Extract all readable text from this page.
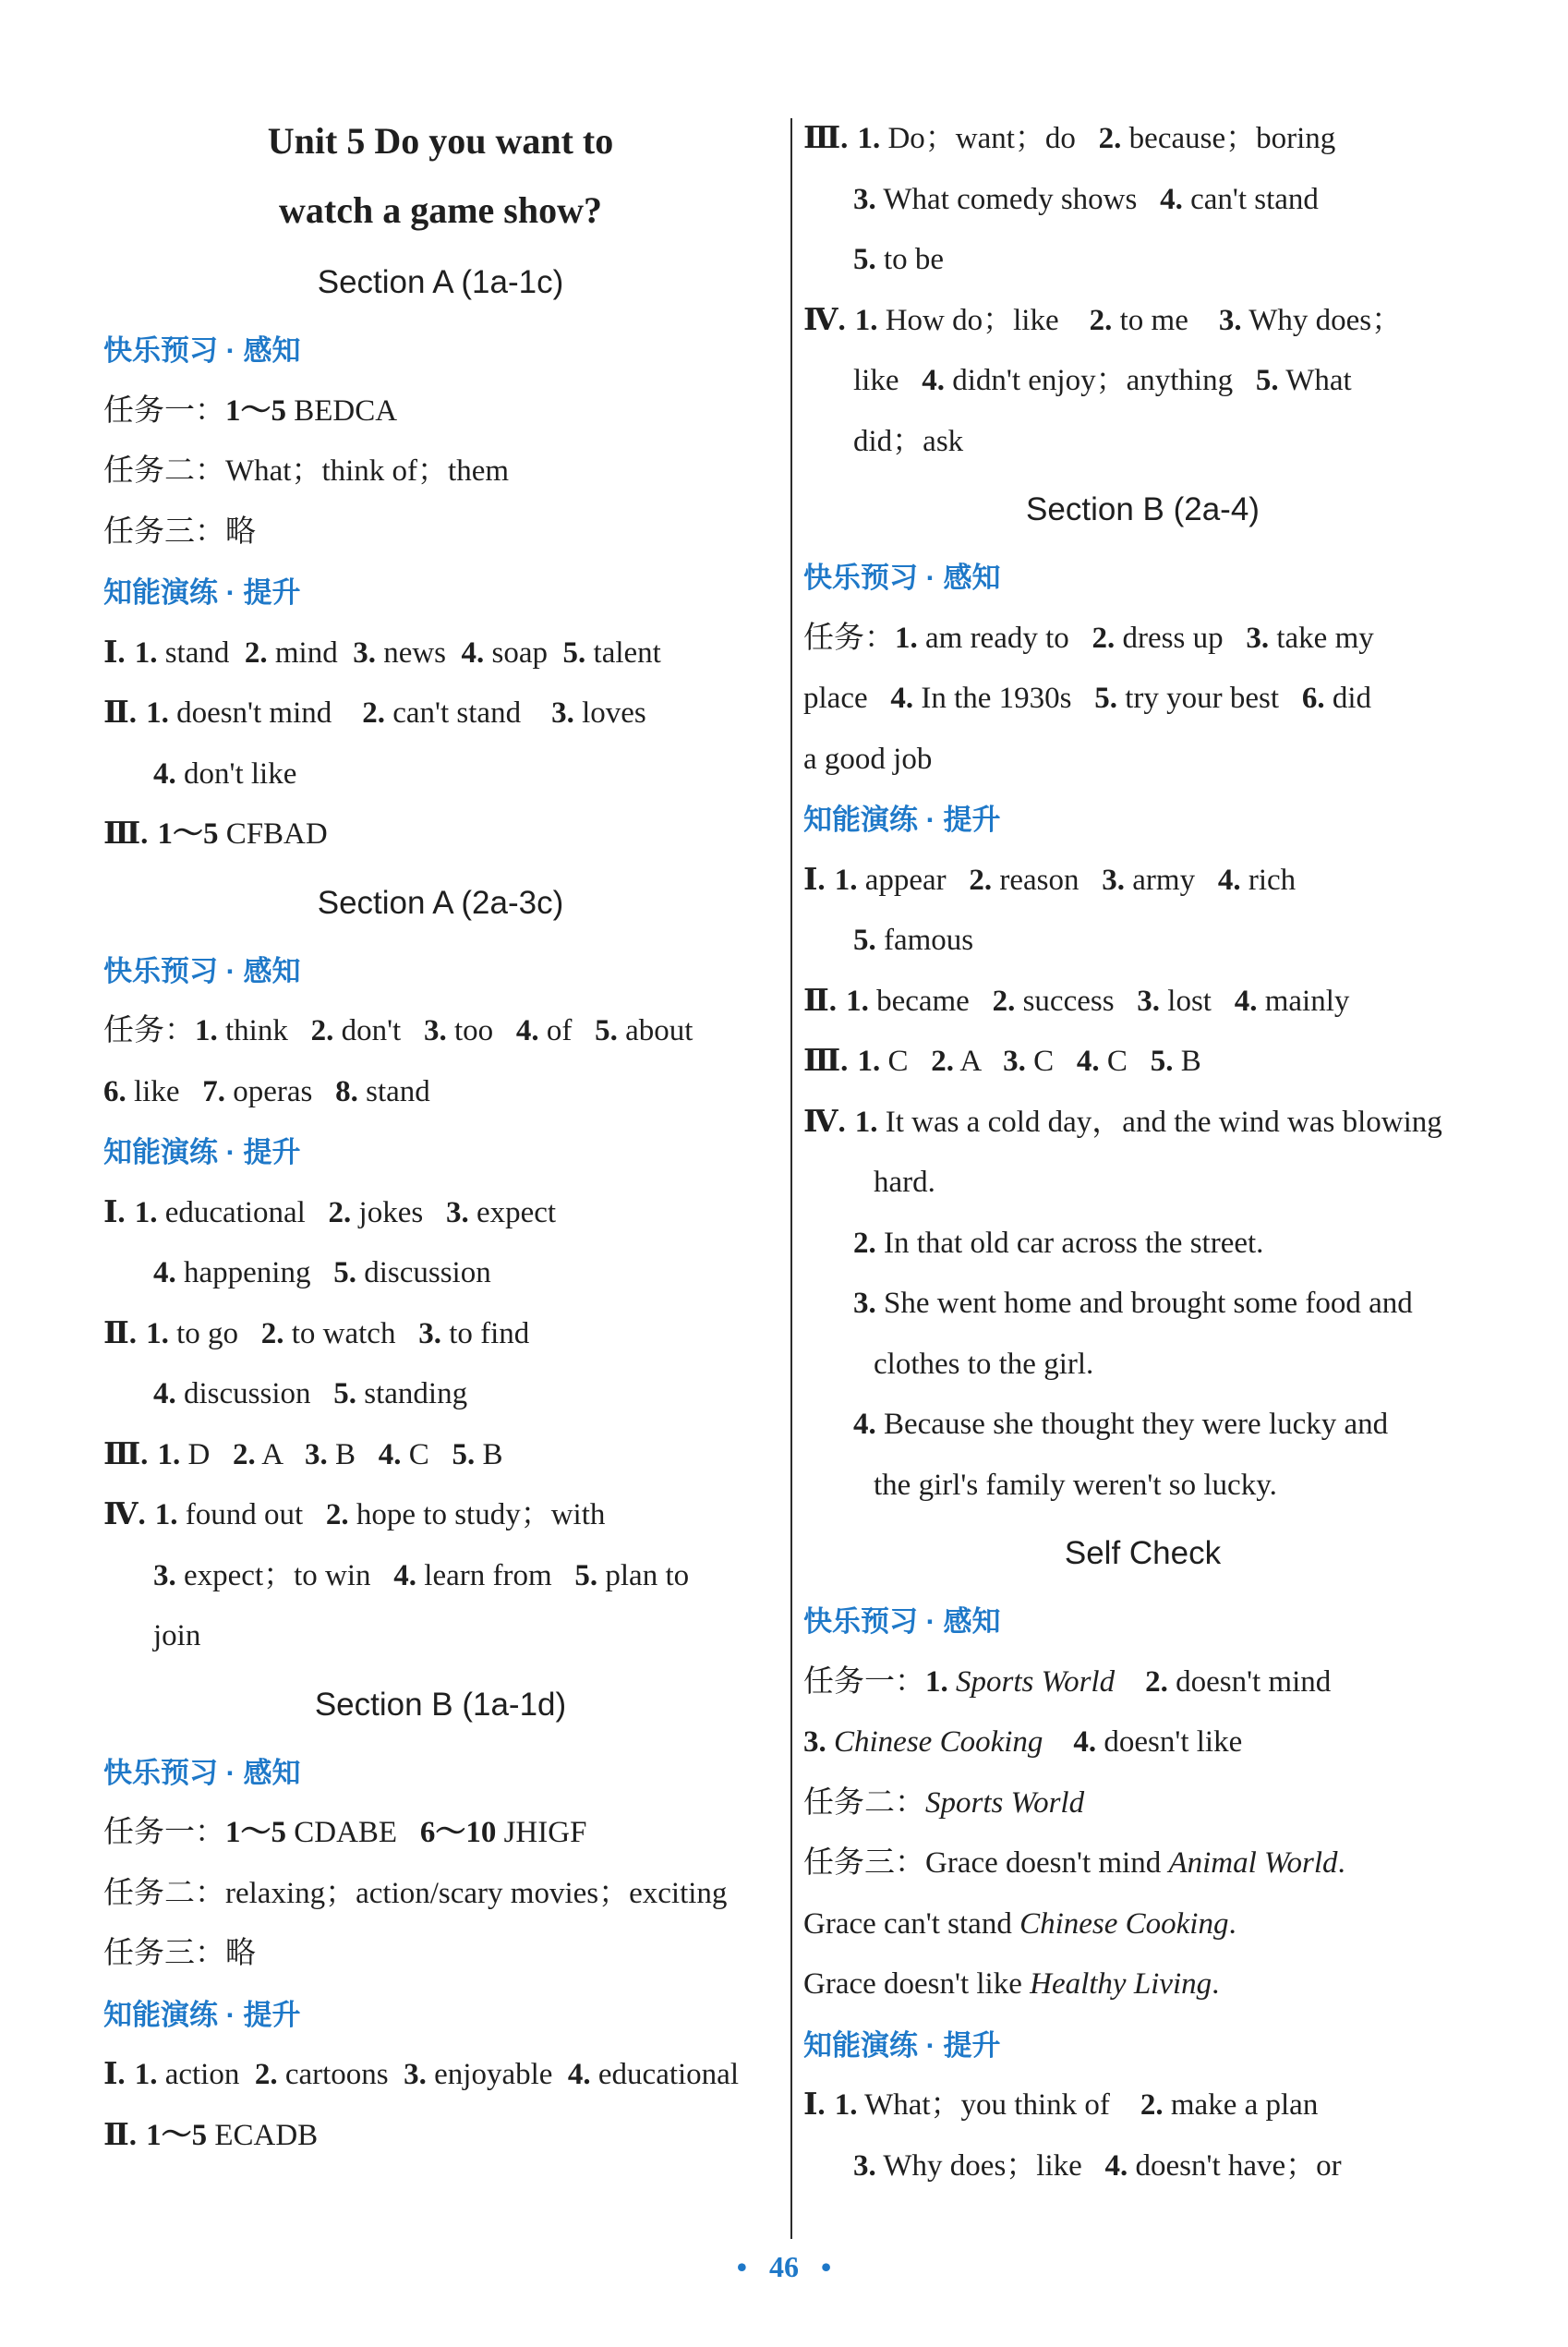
Unit 5 Do you want to
watch a game show?
Section A (1a-1c)
快乐预习 · 感知
任务一：1～5 BEDCA
任务二：What；think of；them
任务三：略
知能演练 · 提升
Ⅰ. 1. stand  2. mind  3. news  4. soap  5. talent
Ⅱ. 1. doesn't mind    2. can't stand    3. loves
4. don't like
Ⅲ. 1～5 CFBAD
Section A (2a-3c)
快乐预习 · 感知
任务：1. think   2. don't   3. too   4. of   5. about
6. like   7. operas   8. stand
知能演练 · 提升
Ⅰ. 1. educational   2. jokes   3. expect
4. happening   5. discussion
Ⅱ. 1. to go   2. to watch   3. to find
4. discussion   5. standing
Ⅲ. 1. D   2. A   3. B   4. C   5. B
Ⅳ. 1. found out   2. hope to study；with
3. expect；to win   4. learn from   5. plan to
join
Section B (1a-1d)
快乐预习 · 感知
任务一：1～5 CDABE   6～10 JHIGF
任务二：relaxing；action/scary movies；exciting
任务三：略
知能演练 · 提升
Ⅰ. 1. action  2. cartoons  3. enjoyable  4. educational
Ⅱ. 1～5 ECADB
Ⅲ. 1. Do；want；do   2. because；boring
3. What comedy shows   4. can't stand
5. to be
Ⅳ. 1. How do；like    2. to me    3. Why does；
like   4. didn't enjoy；anything   5. What
did；ask
Section B (2a-4)
快乐预习 · 感知
任务：1. am ready to   2. dress up   3. take my
place   4. In the 1930s   5. try your best   6. did
a good job
知能演练 · 提升
Ⅰ. 1. appear   2. reason   3. army   4. rich
5. famous
Ⅱ. 1. became   2. success   3. lost   4. mainly
Ⅲ. 1. C   2. A   3. C   4. C   5. B
Ⅳ. 1. It was a cold day，and the wind was blowing
hard.
2. In that old car across the street.
3. She went home and brought some food and
clothes to the girl.
4. Because she thought they were lucky and
the girl's family weren't so lucky.
Self Check
快乐预习 · 感知
任务一：1. Sports World 2. doesn't mind
3. Chinese Cooking 4. doesn't like
任务二：Sports World
任务三：Grace doesn't mind Animal World.
Grace can't stand Chinese Cooking.
Grace doesn't like Healthy Living.
知能演练 · 提升
Ⅰ. 1. What；you think of    2. make a plan
3. Why does；like   4. doesn't have；or
• 46 •
